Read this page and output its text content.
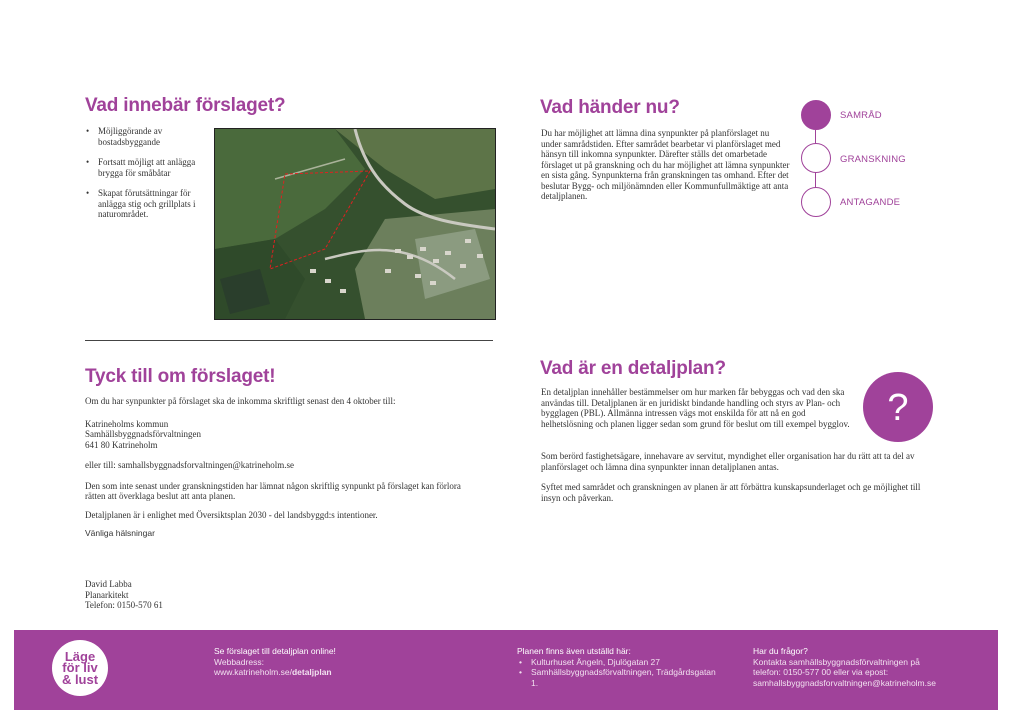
Vad innebär förslaget?
• Möjliggörande av bostadsbyggande
• Fortsatt möjligt att anlägga brygga för småbåtar
• Skapat förutsättningar för anlägga stig och grillplats i naturområdet.
Vad händer nu?

Du har möjlighet att lämna dina synpunkter på planförslaget nu under samrådstiden. Efter samrådet bearbetar vi planförslaget med hänsyn till inkomna synpunkter. Därefter ställs det omarbetade förslaget ut på granskning och du har möjlighet att lämna synpunkter en sista gång. Synpunkterna från granskningen tas omhand. Efter det beslutar Bygg- och miljönämnden eller Kommunfullmäktige att anta detaljplanen.

SAMRÅD
GRANSKNING
ANTAGANDE
Tyck till om förslaget!

Om du har synpunkter på förslaget ska de inkomma skriftligt senast den 4 oktober till:

Katrineholms kommun
Samhällsbyggnadsförvaltningen
641 80 Katrineholm

eller till: samhallsbyggnadsforvaltningen@katrineholm.se

Den som inte senast under granskningstiden har lämnat någon skriftlig synpunkt på förslaget kan förlora rätten att överklaga beslut att anta planen.

Detaljplanen är i enlighet med Översiktsplan 2030 - del landsbyggd:s intentioner.

Vänliga hälsningar

David Labba
Planarkitekt
Telefon: 0150-570 61
Vad är en detaljplan?

En detaljplan innehåller bestämmelser om hur marken får bebyggas och vad den ska användas till. Detaljplanen är en juridiskt bindande handling och styrs av Plan- och bygglagen (PBL). Allmänna intressen vägs mot enskilda för att nå en god helhetslösning och planen ligger sedan som grund för beslut om till exempel bygglov.

Som berörd fastighetsägare, innehavare av servitut, myndighet eller organisation har du rätt att ta del av planförslaget och lämna dina synpunkter innan detaljplanen antas.

Syftet med samrådet och granskningen av planen är att förbättra kunskapsunderlaget och ge möjlighet till insyn och påverkan.

?
Läge för liv & lust
Se förslaget till detaljplan online!
Webbadress:
www.katrineholm.se/detaljplan
Planen finns även utställd här:
• Kulturhuset Ängeln, Djulögatan 27
• Samhällsbyggnadsförvaltningen, Trädgårdsgatan 1.
Har du frågor?
Kontakta samhällsbyggnadsförvaltningen på
telefon: 0150-577 00 eller via epost:
samhallsbyggnadsforvaltningen@katrineholm.se
